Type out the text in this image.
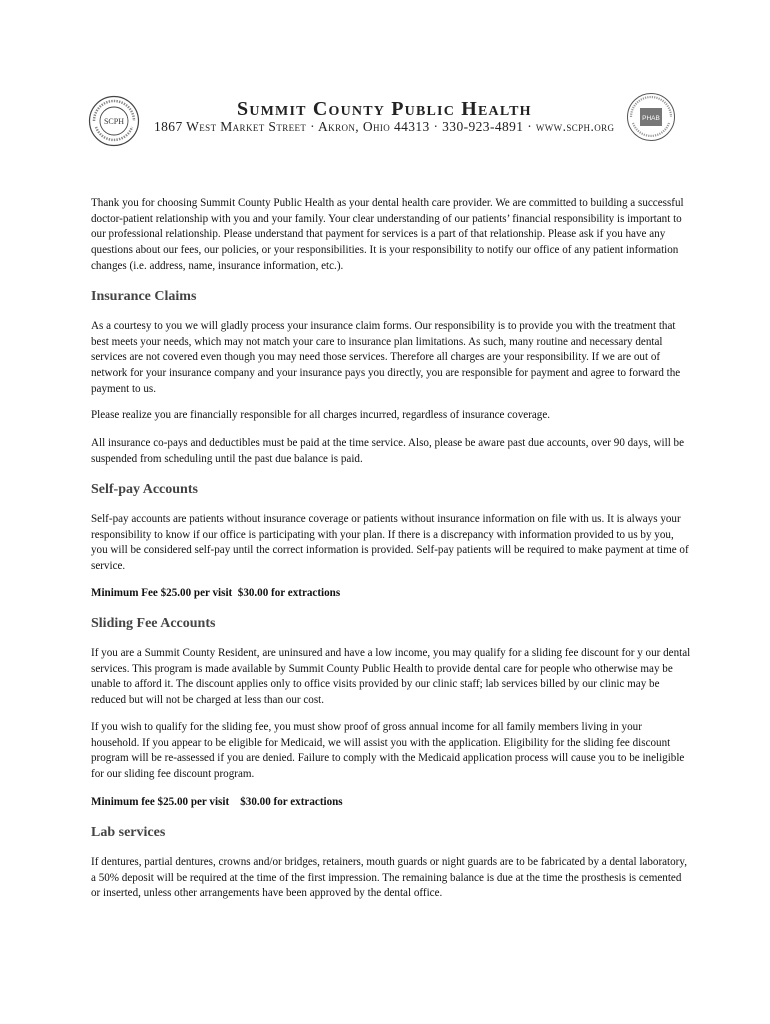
SCPH
Summit County Public Health
1867 West Market Street · Akron, Ohio 44313 · 330-923-4891 · www.scph.org
PHAB

Thank you for choosing Summit County Public Health as your dental health care provider. We are committed to building a successful doctor-patient relationship with you and your family. Your clear understanding of our patients’ financial responsibility is important to our professional relationship. Please understand that payment for services is a part of that relationship. Please ask if you have any questions about our fees, our policies, or your responsibilities. It is your responsibility to notify our office of any patient information changes (i.e. address, name, insurance information, etc.).

Insurance Claims

As a courtesy to you we will gladly process your insurance claim forms. Our responsibility is to provide you with the treatment that best meets your needs, which may not match your care to insurance plan limitations. As such, many routine and necessary dental services are not covered even though you may need those services. Therefore all charges are your responsibility. If we are out of network for your insurance company and your insurance pays you directly, you are responsible for payment and agree to forward the payment to us.

Please realize you are financially responsible for all charges incurred, regardless of insurance coverage.

All insurance co-pays and deductibles must be paid at the time service. Also, please be aware past due accounts, over 90 days, will be suspended from scheduling until the past due balance is paid.

Self-pay Accounts

Self-pay accounts are patients without insurance coverage or patients without insurance information on file with us. It is always your responsibility to know if our office is participating with your plan. If there is a discrepancy with information provided to us by you, you will be considered self-pay until the correct information is provided. Self-pay patients will be required to make payment at time of service.

Minimum Fee $25.00 per visit  $30.00 for extractions

Sliding Fee Accounts

If you are a Summit County Resident, are uninsured and have a low income, you may qualify for a sliding fee discount for y our dental services. This program is made available by Summit County Public Health to provide dental care for people who otherwise may be unable to afford it. The discount applies only to office visits provided by our clinic staff; lab services billed by our clinic may be reduced but will not be charged at less than our cost.

If you wish to qualify for the sliding fee, you must show proof of gross annual income for all family members living in your household. If you appear to be eligible for Medicaid, we will assist you with the application. Eligibility for the sliding fee discount program will be re-assessed if you are denied. Failure to comply with the Medicaid application process will cause you to be ineligible for our sliding fee discount program.

Minimum fee $25.00 per visit    $30.00 for extractions

Lab services

If dentures, partial dentures, crowns and/or bridges, retainers, mouth guards or night guards are to be fabricated by a dental laboratory, a 50% deposit will be required at the time of the first impression. The remaining balance is due at the time the prosthesis is cemented or inserted, unless other arrangements have been approved by the dental office.
